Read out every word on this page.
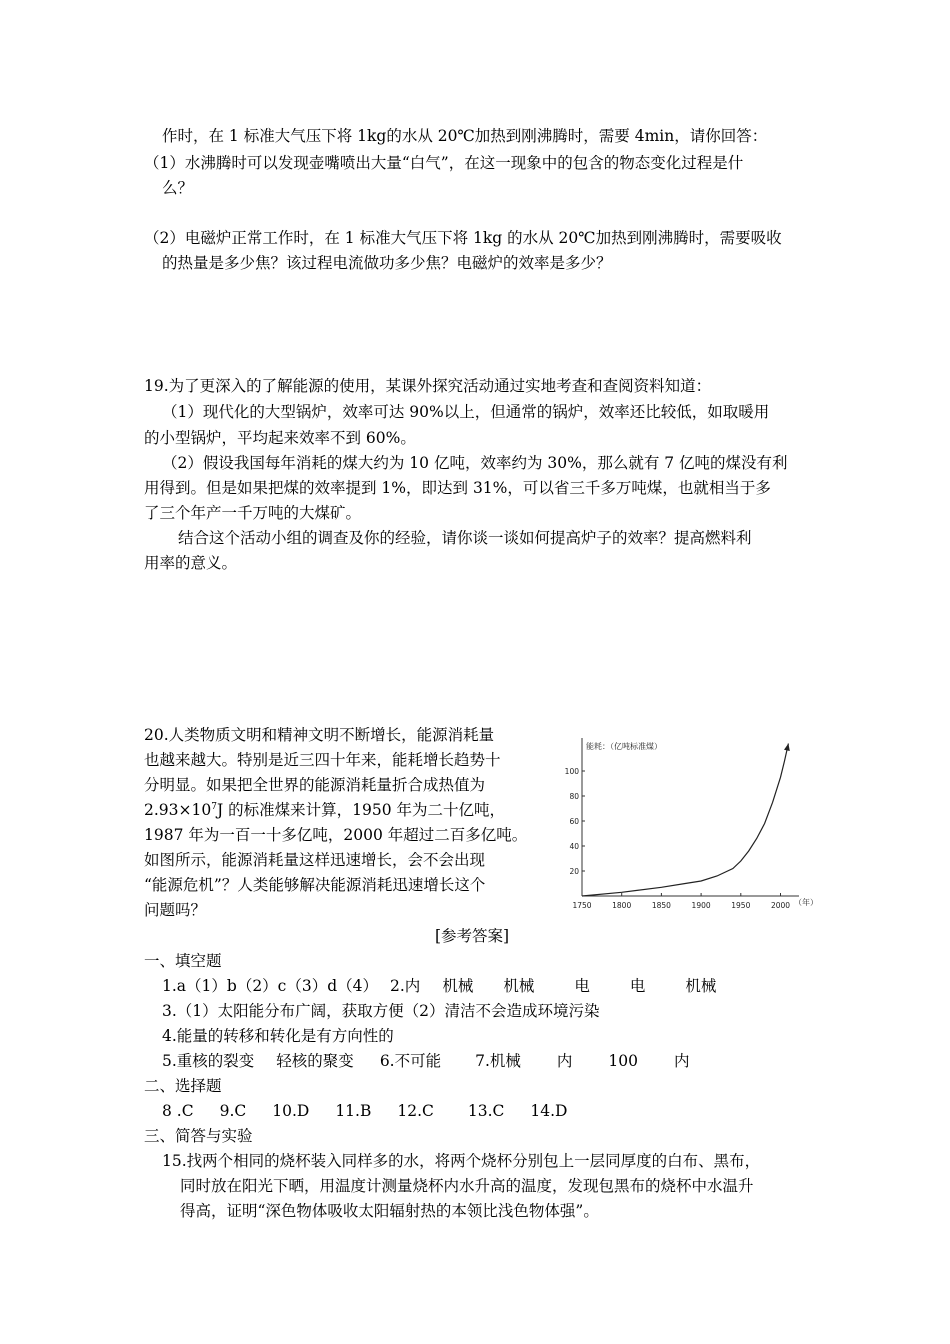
作时，在 1 标准大气压下将 1kg的水从 20℃加热到刚沸腾时，需要 4min，请你回答：
（1）水沸腾时可以发现壶嘴喷出大量“白气”，在这一现象中的包含的物态变化过程是什
么？
（2）电磁炉正常工作时，在 1 标准大气压下将 1kg 的水从 20℃加热到刚沸腾时，需要吸收
的热量是多少焦？该过程电流做功多少焦？电磁炉的效率是多少？
19.为了更深入的了解能源的使用，某课外探究活动通过实地考查和查阅资料知道：
（1）现代化的大型锅炉，效率可达 90%以上，但通常的锅炉，效率还比较低，如取暖用
的小型锅炉，平均起来效率不到 60%。
（2）假设我国每年消耗的煤大约为 10 亿吨，效率约为 30%，那么就有 7 亿吨的煤没有利
用得到。但是如果把煤的效率提到 1%，即达到 31%，可以省三千多万吨煤，也就相当于多
了三个年产一千万吨的大煤矿。
结合这个活动小组的调查及你的经验，请你谈一谈如何提高炉子的效率？提高燃料利
用率的意义。
20.人类物质文明和精神文明不断增长，能源消耗量
也越来越大。特别是近三四十年来，能耗增长趋势十
分明显。如果把全世界的能源消耗量折合成热值为
$2.93\times 10^7J$ 的标准煤来计算，1950 年为二十亿吨，
1987 年为一百一十多亿吨，2000 年超过二百多亿吨。
如图所示，能源消耗量这样迅速增长，会不会出现
“能源危机”？人类能够解决能源消耗迅速增长这个
问题吗？
能耗：（亿吨标准煤）
（年）
20
40
60
80
100
1750	1800	1850	1900	1950	2000
[参考答案]
一、填空题
1.a（1）b（2）c（3）d（4） 2.内 机械 机械	电	电	机械
3.（1）太阳能分布广阔，获取方便（2）清洁不会造成环境污染
4.能量的转移和转化是有方向性的
5.重核的裂变 轻核的聚变 6.不可能 7.机械 内 100 内
二、选择题
8 .C 9.C 10.D 11.B 12.C 13.C 14.D
三、简答与实验
15.找两个相同的烧杯装入同样多的水，将两个烧杯分别包上一层同厚度的白布、黑布，
同时放在阳光下晒，用温度计测量烧杯内水升高的温度，发现包黑布的烧杯中水温升
得高，证明“深色物体吸收太阳辐射热的本领比浅色物体强”。
